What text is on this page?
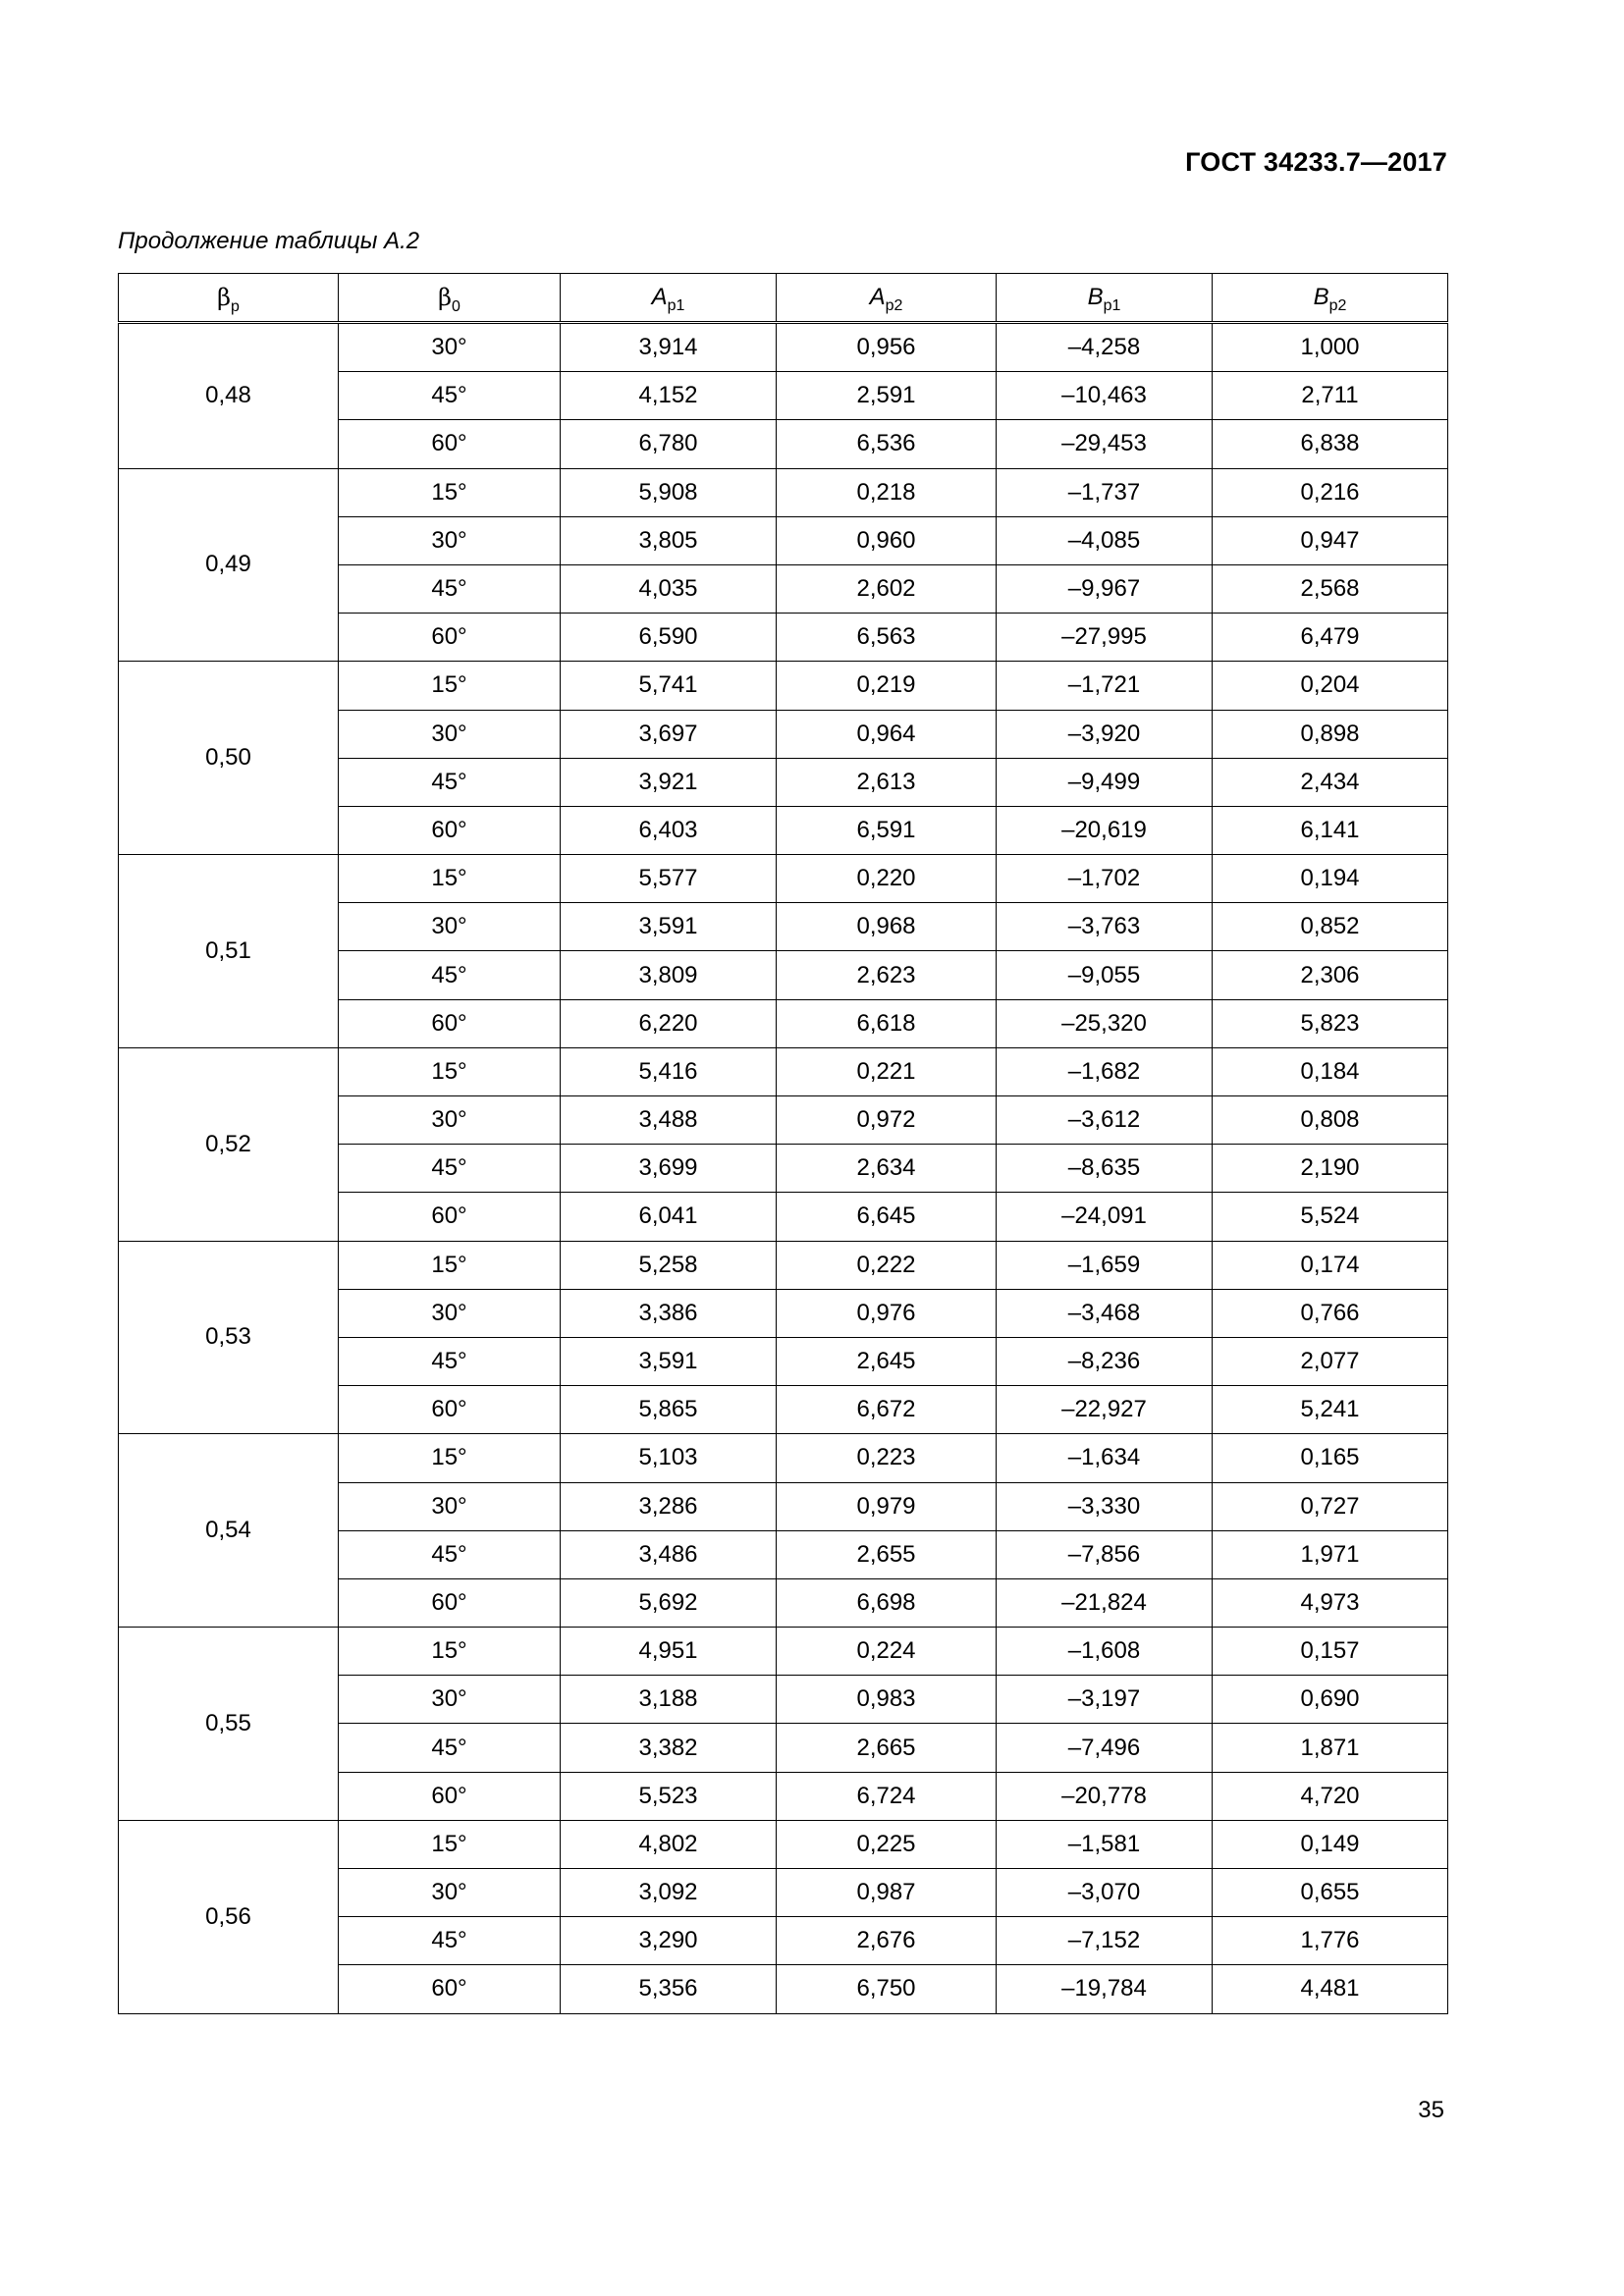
ГОСТ 34233.7—2017
Продолжение таблицы А.2
$\beta_p$	$\beta_0$	$A_{p1}$	$A_{p2}$	$B_{p1}$	$B_{p2}$
0,48	30°	3,914	0,956	–4,258	1,000
	45°	4,152	2,591	–10,463	2,711
	60°	6,780	6,536	–29,453	6,838
0,49	15°	5,908	0,218	–1,737	0,216
	30°	3,805	0,960	–4,085	0,947
	45°	4,035	2,602	–9,967	2,568
	60°	6,590	6,563	–27,995	6,479
0,50	15°	5,741	0,219	–1,721	0,204
	30°	3,697	0,964	–3,920	0,898
	45°	3,921	2,613	–9,499	2,434
	60°	6,403	6,591	–20,619	6,141
0,51	15°	5,577	0,220	–1,702	0,194
	30°	3,591	0,968	–3,763	0,852
	45°	3,809	2,623	–9,055	2,306
	60°	6,220	6,618	–25,320	5,823
0,52	15°	5,416	0,221	–1,682	0,184
	30°	3,488	0,972	–3,612	0,808
	45°	3,699	2,634	–8,635	2,190
	60°	6,041	6,645	–24,091	5,524
0,53	15°	5,258	0,222	–1,659	0,174
	30°	3,386	0,976	–3,468	0,766
	45°	3,591	2,645	–8,236	2,077
	60°	5,865	6,672	–22,927	5,241
0,54	15°	5,103	0,223	–1,634	0,165
	30°	3,286	0,979	–3,330	0,727
	45°	3,486	2,655	–7,856	1,971
	60°	5,692	6,698	–21,824	4,973
0,55	15°	4,951	0,224	–1,608	0,157
	30°	3,188	0,983	–3,197	0,690
	45°	3,382	2,665	–7,496	1,871
	60°	5,523	6,724	–20,778	4,720
0,56	15°	4,802	0,225	–1,581	0,149
	30°	3,092	0,987	–3,070	0,655
	45°	3,290	2,676	–7,152	1,776
	60°	5,356	6,750	–19,784	4,481
35
